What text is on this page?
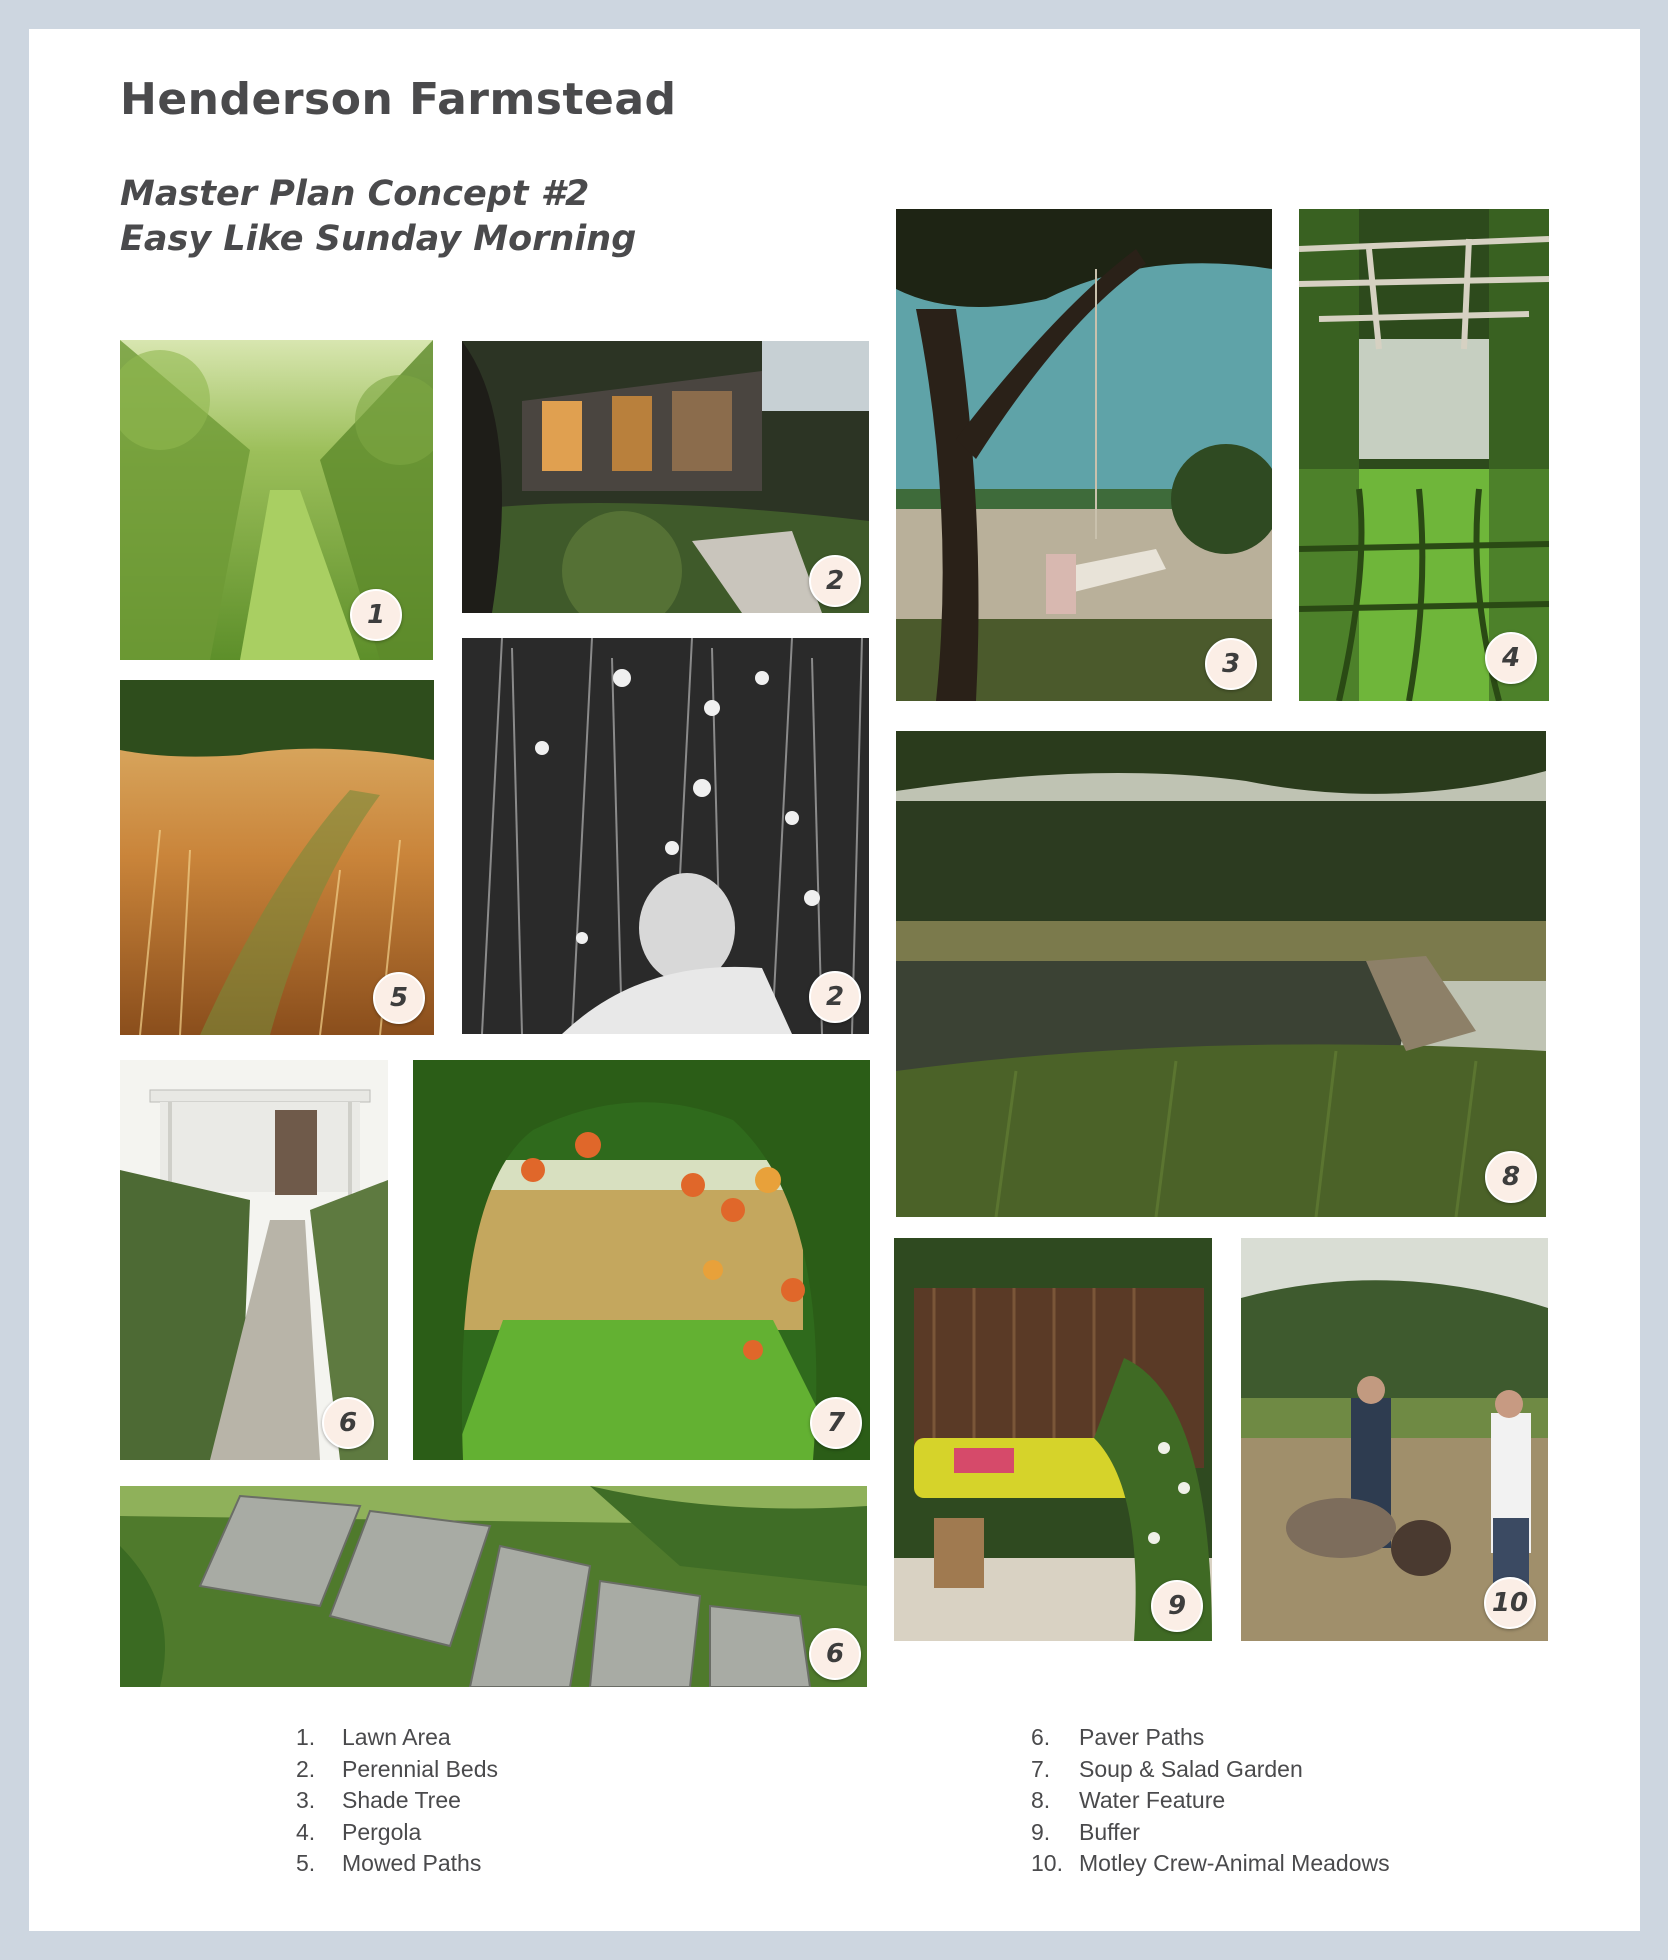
Henderson Farmstead
Master Plan Concept #2
Easy Like Sunday Morning
1
2
2
3	4
5
6
6
7
8
9	10
1.	Lawn Area
2.	Perennial Beds
3.	Shade Tree
4.	Pergola
5.	Mowed Paths
6.	Paver Paths
7.	Soup & Salad Garden
8.	Water Feature
9.	Buffer
10. Motley Crew-Animal Meadows
